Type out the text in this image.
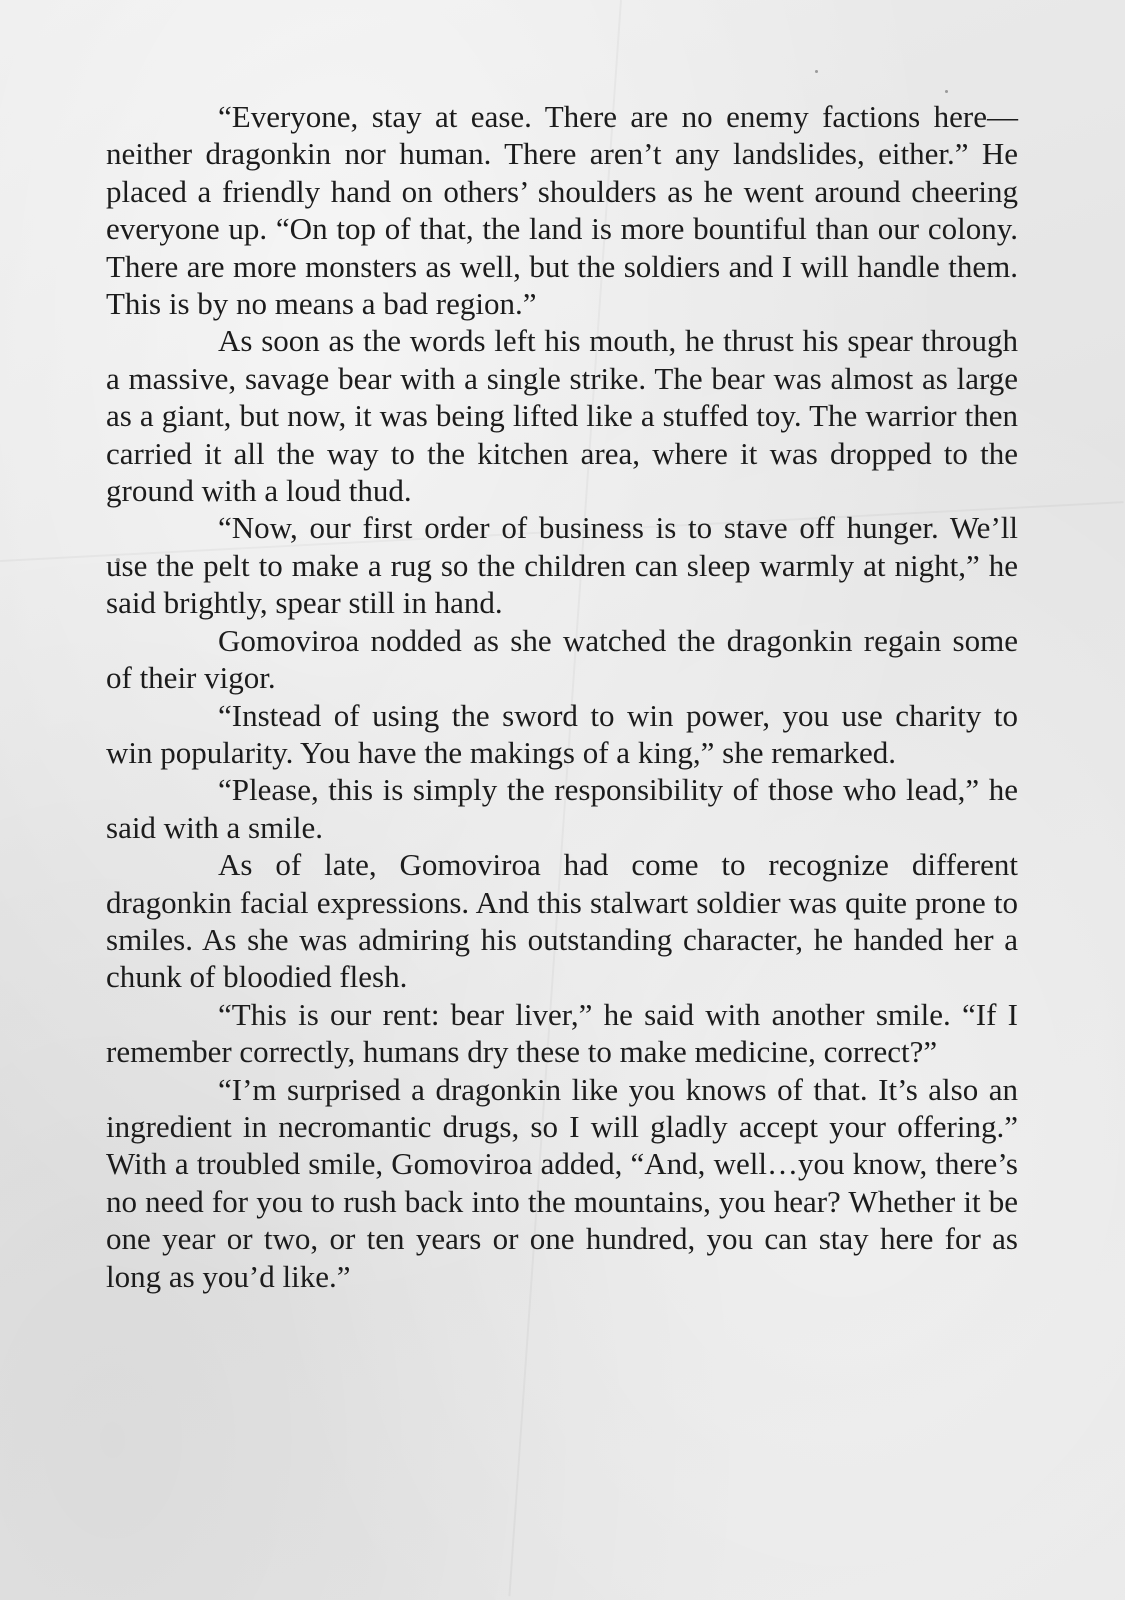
“Everyone, stay at ease. There are no enemy factions here—neither dragonkin nor human. There aren’t any landslides, either.” He placed a friendly hand on others’ shoulders as he went around cheering everyone up. “On top of that, the land is more bountiful than our colony. There are more monsters as well, but the soldiers and I will handle them. This is by no means a bad region.”

As soon as the words left his mouth, he thrust his spear through a massive, savage bear with a single strike. The bear was almost as large as a giant, but now, it was being lifted like a stuffed toy. The warrior then carried it all the way to the kitchen area, where it was dropped to the ground with a loud thud.

“Now, our first order of business is to stave off hunger. We’ll use the pelt to make a rug so the children can sleep warmly at night,” he said brightly, spear still in hand.

Gomoviroa nodded as she watched the dragonkin regain some of their vigor.

“Instead of using the sword to win power, you use charity to win popularity. You have the makings of a king,” she remarked.

“Please, this is simply the responsibility of those who lead,” he said with a smile.

As of late, Gomoviroa had come to recognize different dragonkin facial expressions. And this stalwart soldier was quite prone to smiles. As she was admiring his outstanding character, he handed her a chunk of bloodied flesh.

“This is our rent: bear liver,” he said with another smile. “If I remember correctly, humans dry these to make medicine, correct?”

“I’m surprised a dragonkin like you knows of that. It’s also an ingredient in necromantic drugs, so I will gladly accept your offering.” With a troubled smile, Gomoviroa added, “And, well…you know, there’s no need for you to rush back into the mountains, you hear? Whether it be one year or two, or ten years or one hundred, you can stay here for as long as you’d like.”
